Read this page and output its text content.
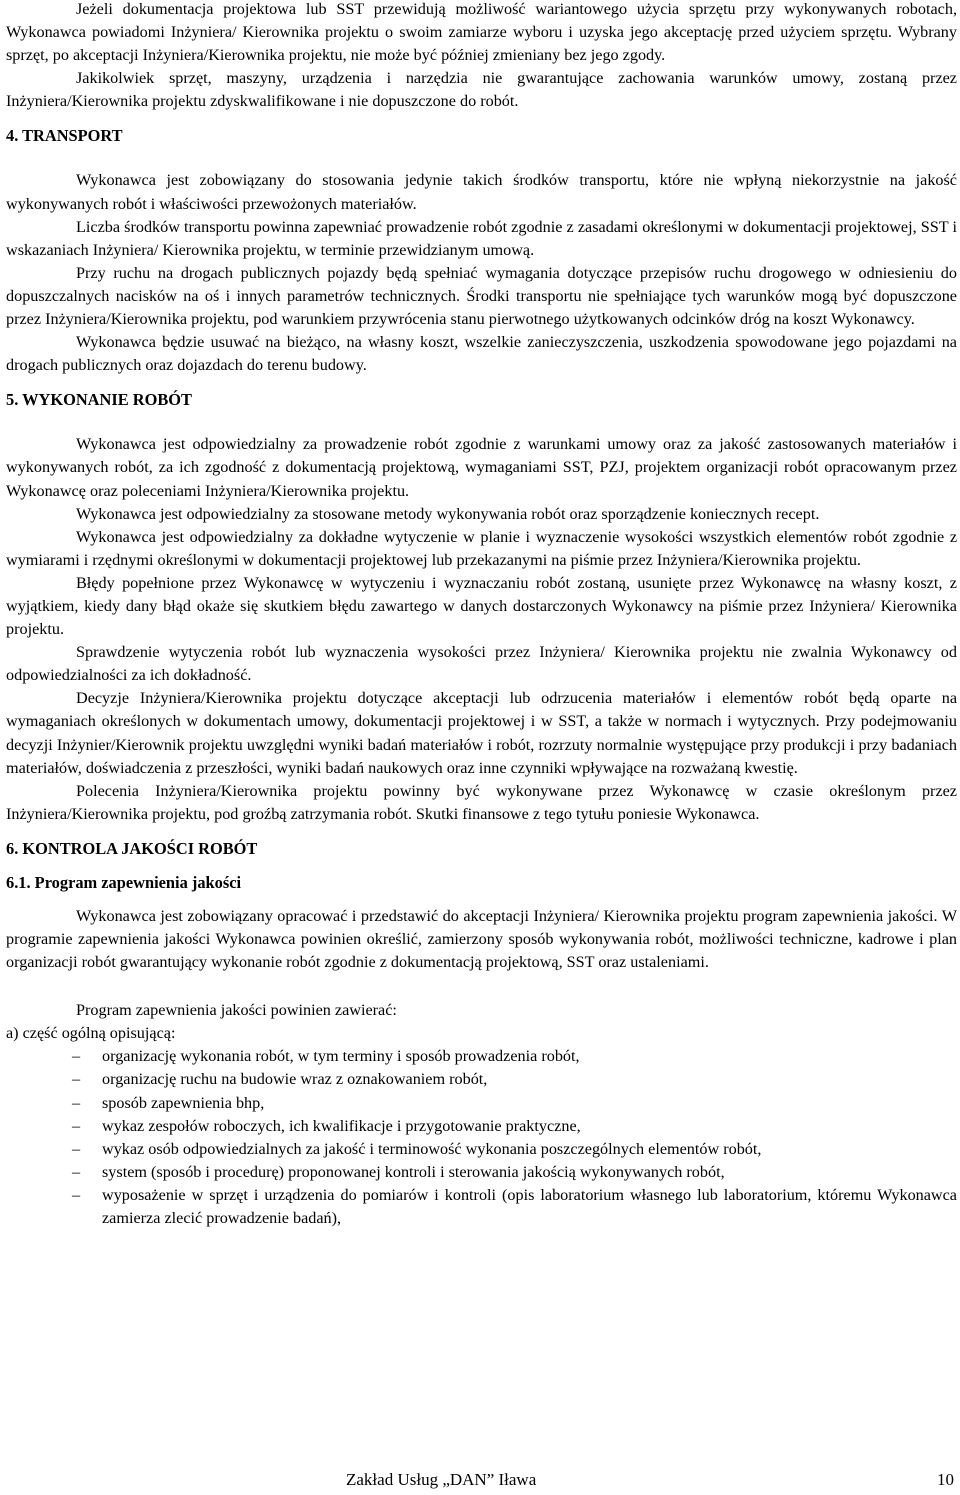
Jeżeli dokumentacja projektowa lub SST przewidują możliwość wariantowego użycia sprzętu przy wykonywanych robotach, Wykonawca powiadomi Inżyniera/ Kierownika projektu o swoim zamiarze wyboru i uzyska jego akceptację przed użyciem sprzętu. Wybrany sprzęt, po akceptacji Inżyniera/Kierownika projektu, nie może być później zmieniany bez jego zgody.

Jakikolwiek sprzęt, maszyny, urządzenia i narzędzia nie gwarantujące zachowania warunków umowy, zostaną przez Inżyniera/Kierownika projektu zdyskwalifikowane i nie dopuszczone do robót.

4. TRANSPORT

Wykonawca jest zobowiązany do stosowania jedynie takich środków transportu, które nie wpłyną niekorzystnie na jakość wykonywanych robót i właściwości przewożonych materiałów.

Liczba środków transportu powinna zapewniać prowadzenie robót zgodnie z zasadami określonymi w dokumentacji projektowej, SST i wskazaniach Inżyniera/ Kierownika projektu, w terminie przewidzianym umową.

Przy ruchu na drogach publicznych pojazdy będą spełniać wymagania dotyczące przepisów ruchu drogowego w odniesieniu do dopuszczalnych nacisków na oś i innych parametrów technicznych. Środki transportu nie spełniające tych warunków mogą być dopuszczone przez Inżyniera/Kierownika projektu, pod warunkiem przywrócenia stanu pierwotnego użytkowanych odcinków dróg na koszt Wykonawcy.

Wykonawca będzie usuwać na bieżąco, na własny koszt, wszelkie zanieczyszczenia, uszkodzenia spowodowane jego pojazdami na drogach publicznych oraz dojazdach do terenu budowy.

5. WYKONANIE ROBÓT

Wykonawca jest odpowiedzialny za prowadzenie robót zgodnie z warunkami umowy oraz za jakość zastosowanych materiałów i wykonywanych robót, za ich zgodność z dokumentacją projektową, wymaganiami SST, PZJ, projektem organizacji robót opracowanym przez Wykonawcę oraz poleceniami Inżyniera/Kierownika projektu.

Wykonawca jest odpowiedzialny za stosowane metody wykonywania robót oraz sporządzenie koniecznych recept.

Wykonawca jest odpowiedzialny za dokładne wytyczenie w planie i wyznaczenie wysokości wszystkich elementów robót zgodnie z wymiarami i rzędnymi określonymi w dokumentacji projektowej lub przekazanymi na piśmie przez Inżyniera/Kierownika projektu.

Błędy popełnione przez Wykonawcę w wytyczeniu i wyznaczaniu robót zostaną, usunięte przez Wykonawcę na własny koszt, z wyjątkiem, kiedy dany błąd okaże się skutkiem błędu zawartego w danych dostarczonych Wykonawcy na piśmie przez Inżyniera/ Kierownika projektu.

Sprawdzenie wytyczenia robót lub wyznaczenia wysokości przez Inżyniera/ Kierownika projektu nie zwalnia Wykonawcy od odpowiedzialności za ich dokładność.

Decyzje Inżyniera/Kierownika projektu dotyczące akceptacji lub odrzucenia materiałów i elementów robót będą oparte na wymaganiach określonych w dokumentach umowy, dokumentacji projektowej i w SST, a także w normach i wytycznych. Przy podejmowaniu decyzji Inżynier/Kierownik projektu uwzględni wyniki badań materiałów i robót, rozrzuty normalnie występujące przy produkcji i przy badaniach materiałów, doświadczenia z przeszłości, wyniki badań naukowych oraz inne czynniki wpływające na rozważaną kwestię.

Polecenia Inżyniera/Kierownika projektu powinny być wykonywane przez Wykonawcę w czasie określonym przez Inżyniera/Kierownika projektu, pod groźbą zatrzymania robót. Skutki finansowe z tego tytułu poniesie Wykonawca.

6. KONTROLA JAKOŚCI ROBÓT
6.1. Program zapewnienia jakości

Wykonawca jest zobowiązany opracować i przedstawić do akceptacji Inżyniera/ Kierownika projektu program zapewnienia jakości. W programie zapewnienia jakości Wykonawca powinien określić, zamierzony sposób wykonywania robót, możliwości techniczne, kadrowe i plan organizacji robót gwarantujący wykonanie robót zgodnie z dokumentacją projektową, SST oraz ustaleniami.

Program zapewnienia jakości powinien zawierać:

a) część ogólną opisującą:

– organizację wykonania robót, w tym terminy i sposób prowadzenia robót,
– organizację ruchu na budowie wraz z oznakowaniem robót,
– sposób zapewnienia bhp,
– wykaz zespołów roboczych, ich kwalifikacje i przygotowanie praktyczne,
– wykaz osób odpowiedzialnych za jakość i terminowość wykonania poszczególnych elementów robót,
– system (sposób i procedurę) proponowanej kontroli i sterowania jakością wykonywanych robót,
– wyposażenie w sprzęt i urządzenia do pomiarów i kontroli (opis laboratorium własnego lub laboratorium, któremu Wykonawca zamierza zlecić prowadzenie badań),
Zakład Usług „DAN” Iława	10
